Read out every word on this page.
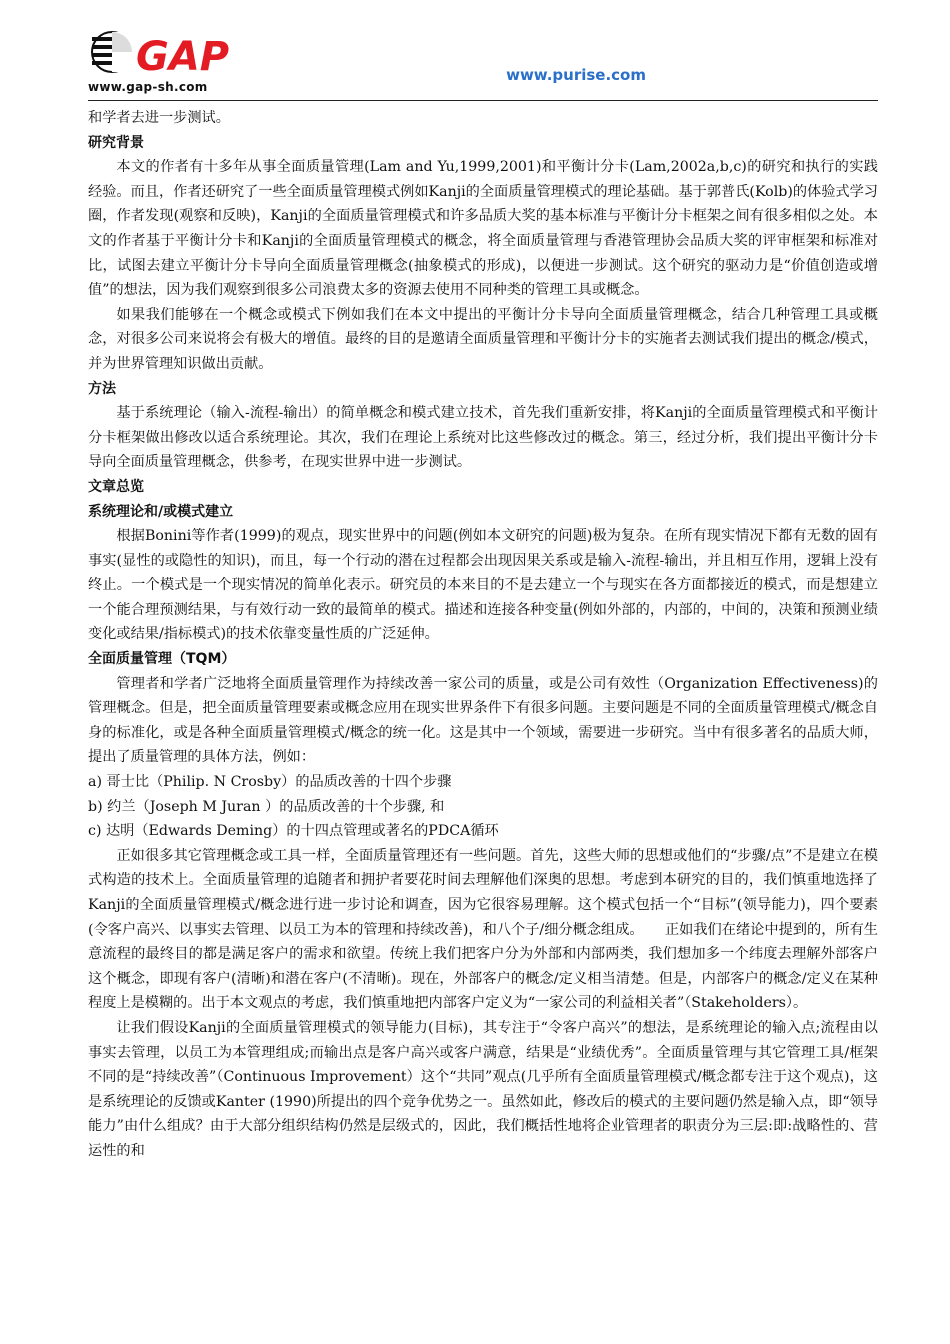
GAP
www.gap-sh.com
www.purise.com

和学者去进一步测试。

研究背景

本文的作者有十多年从事全面质量管理(Lam and Yu,1999,2001)和平衡计分卡(Lam,2002a,b,c)的研究和执行的实践经验。而且，作者还研究了一些全面质量管理模式例如Kanji的全面质量管理模式的理论基础。基于郭普氏(Kolb)的体验式学习圈，作者发现(观察和反映)，Kanji的全面质量管理模式和许多品质大奖的基本标准与平衡计分卡框架之间有很多相似之处。本文的作者基于平衡计分卡和Kanji的全面质量管理模式的概念，将全面质量管理与香港管理协会品质大奖的评审框架和标准对比，试图去建立平衡计分卡导向全面质量管理概念(抽象模式的形成)，以便进一步测试。这个研究的驱动力是“价值创造或增值”的想法，因为我们观察到很多公司浪费太多的资源去使用不同种类的管理工具或概念。

如果我们能够在一个概念或模式下例如我们在本文中提出的平衡计分卡导向全面质量管理概念，结合几种管理工具或概念，对很多公司来说将会有极大的增值。最终的目的是邀请全面质量管理和平衡计分卡的实施者去测试我们提出的概念/模式，并为世界管理知识做出贡献。

方法

基于系统理论（输入-流程-输出）的简单概念和模式建立技术，首先我们重新安排，将Kanji的全面质量管理模式和平衡计分卡框架做出修改以适合系统理论。其次，我们在理论上系统对比这些修改过的概念。第三，经过分析，我们提出平衡计分卡导向全面质量管理概念，供参考，在现实世界中进一步测试。

文章总览

系统理论和/或模式建立

根据Bonini等作者(1999)的观点，现实世界中的问题(例如本文研究的问题)极为复杂。在所有现实情况下都有无数的固有事实(显性的或隐性的知识)，而且，每一个行动的潜在过程都会出现因果关系或是输入-流程-输出，并且相互作用，逻辑上没有终止。一个模式是一个现实情况的简单化表示。研究员的本来目的不是去建立一个与现实在各方面都接近的模式，而是想建立一个能合理预测结果，与有效行动一致的最简单的模式。描述和连接各种变量(例如外部的，内部的，中间的，决策和预测业绩变化或结果/指标模式)的技术依靠变量性质的广泛延伸。

全面质量管理（TQM）

管理者和学者广泛地将全面质量管理作为持续改善一家公司的质量，或是公司有效性（Organization Effectiveness)的管理概念。但是，把全面质量管理要素或概念应用在现实世界条件下有很多问题。主要问题是不同的全面质量管理模式/概念自身的标准化，或是各种全面质量管理模式/概念的统一化。这是其中一个领域，需要进一步研究。当中有很多著名的品质大师，提出了质量管理的具体方法，例如：

a) 哥士比（Philip. N Crosby）的品质改善的十四个步骤

b) 约兰（Joseph M Juran ）的品质改善的十个步骤, 和

c) 达明（Edwards Deming）的十四点管理或著名的PDCA循环

正如很多其它管理概念或工具一样，全面质量管理还有一些问题。首先，这些大师的思想或他们的“步骤/点”不是建立在模式构造的技术上。全面质量管理的追随者和拥护者要花时间去理解他们深奥的思想。考虑到本研究的目的，我们慎重地选择了Kanji的全面质量管理模式/概念进行进一步讨论和调查，因为它很容易理解。这个模式包括一个“目标”(领导能力)，四个要素(令客户高兴、以事实去管理、以员工为本的管理和持续改善)，和八个子/细分概念组成。　　正如我们在绪论中提到的，所有生意流程的最终目的都是满足客户的需求和欲望。传统上我们把客户分为外部和内部两类，我们想加多一个纬度去理解外部客户这个概念，即现有客户(清晰)和潜在客户(不清晰)。现在，外部客户的概念/定义相当清楚。但是，内部客户的概念/定义在某种程度上是模糊的。出于本文观点的考虑，我们慎重地把内部客户定义为“一家公司的利益相关者”（Stakeholders）。

让我们假设Kanji的全面质量管理模式的领导能力(目标)，其专注于“令客户高兴”的想法，是系统理论的输入点;流程由以事实去管理，以员工为本管理组成;而输出点是客户高兴或客户满意，结果是“业绩优秀”。全面质量管理与其它管理工具/框架不同的是“持续改善”（Continuous Improvement）这个“共同”观点(几乎所有全面质量管理模式/概念都专注于这个观点)，这是系统理论的反馈或Kanter (1990)所提出的四个竞争优势之一。虽然如此，修改后的模式的主要问题仍然是输入点，即“领导能力”由什么组成？由于大部分组织结构仍然是层级式的，因此，我们概括性地将企业管理者的职责分为三层:即:战略性的、营运性的和
